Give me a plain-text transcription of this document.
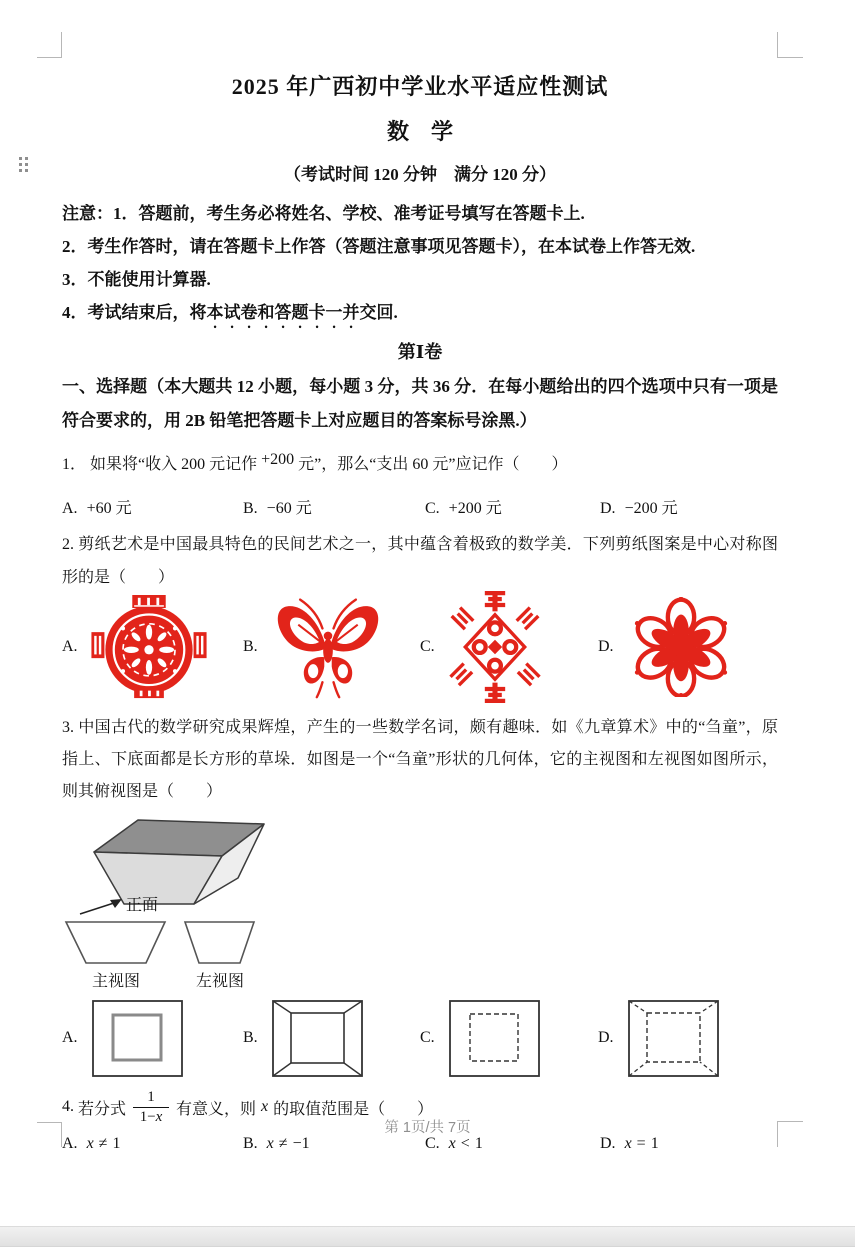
2025 年广西初中学业水平适应性测试
数　学
（考试时间 120 分钟　满分 120 分）

注意：1．答题前，考生务必将姓名、学校、准考证号填写在答题卡上.

2．考生作答时，请在答题卡上作答（答题注意事项见答题卡），在本试卷上作答无效.

3．不能使用计算器.

4．考试结束后，将本试卷和答题卡一并交回.

第Ⅰ卷

一、选择题（本大题共 12 小题，每小题 3 分，共 36 分．在每小题给出的四个选项中只有一项是符合要求的，用 2B 铅笔把答题卡上对应题目的答案标号涂黑.）

1． 如果将“收入 200 元记作 +200 元”，那么“支出 60 元”应记作（　　）

A. +60 元	B. −60 元	C. +200 元	D. −200 元

2. 剪纸艺术是中国最具特色的民间艺术之一，其中蕴含着极致的数学美．下列剪纸图案是中心对称图形的是（　　）

A.	B.	C.	D.

3. 中国古代的数学研究成果辉煌，产生的一些数学名词，颇有趣味．如《九章算术》中的“刍童”，原指上、下底面都是长方形的草垛．如图是一个“刍童”形状的几何体，它的主视图和左视图如图所示，则其俯视图是（　　）

正面
主视图	左视图
A.	B.	C.	D.
4. 若分式 $\frac{1}{1-x}$ 有意义，则 x 的取值范围是（　　）
A. x ≠ 1	B. x ≠ −1	C. x < 1	D. x = 1
第 1页/共 7页
